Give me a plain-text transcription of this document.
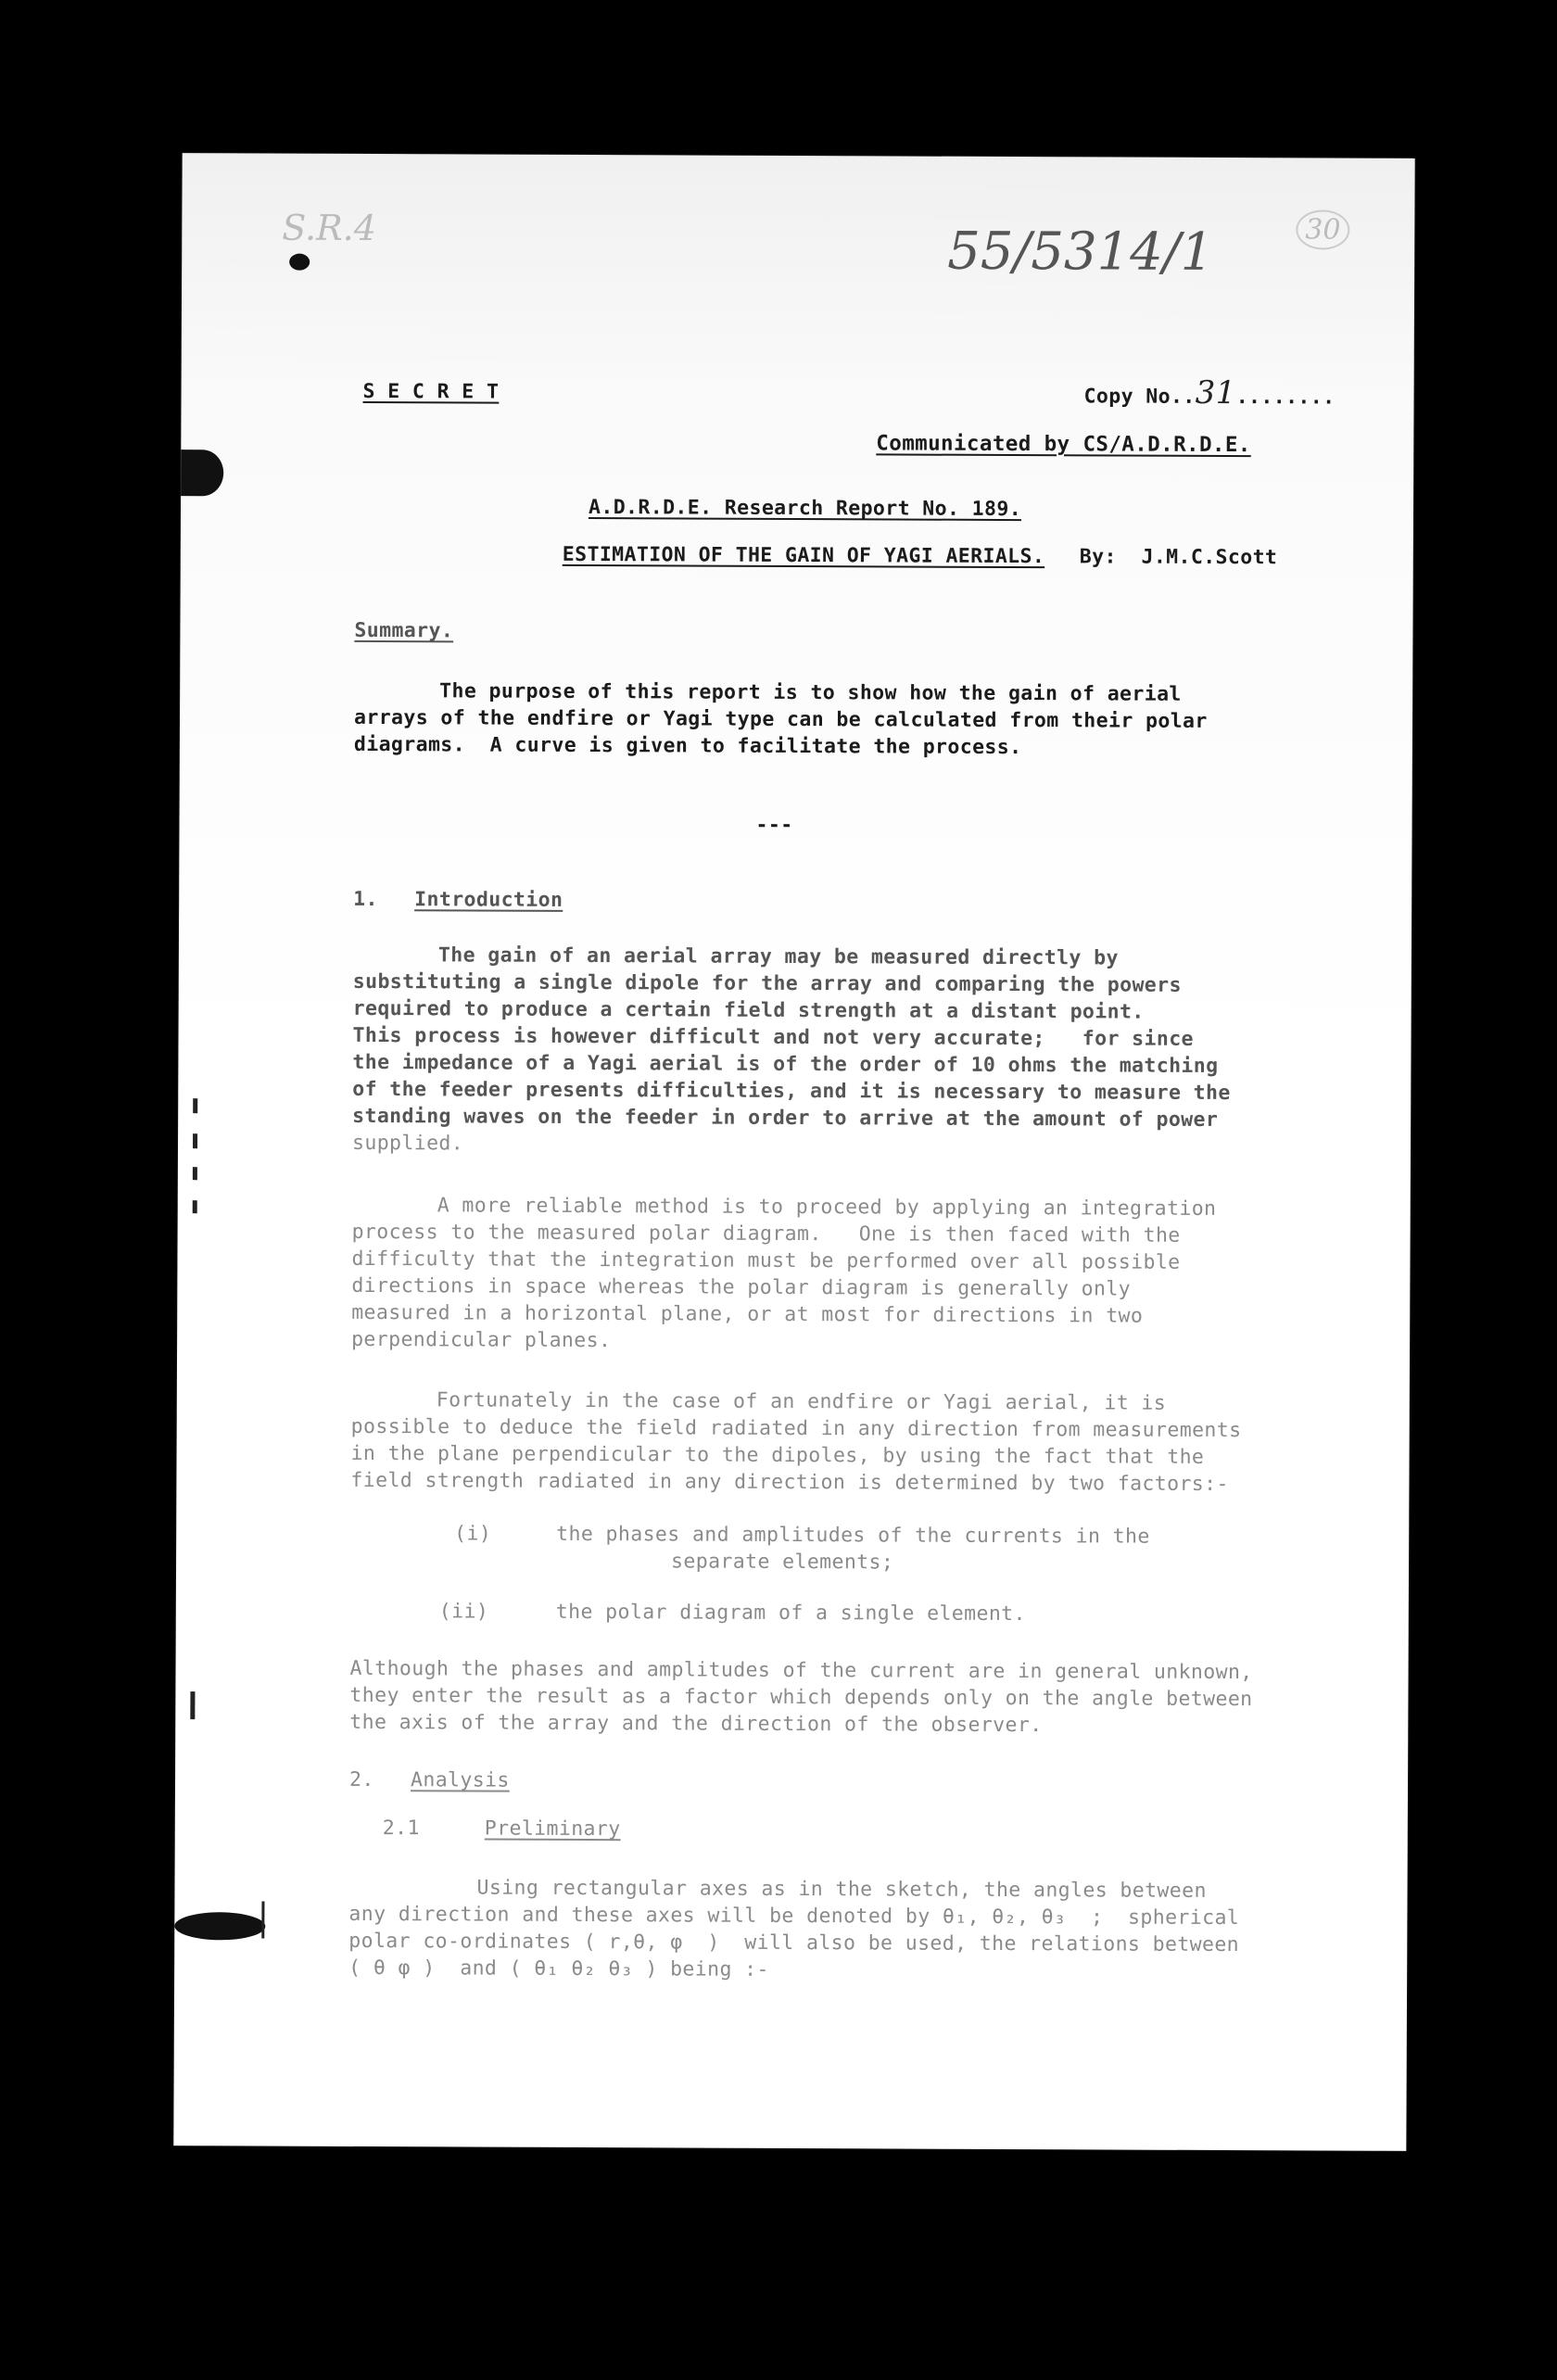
S.R.4	55/5314/1	30
S E C R E T	Copy No..31........
Communicated by CS/A.D.R.D.E.
A.D.R.D.E. Research Report No. 189.
ESTIMATION OF THE GAIN OF YAGI AERIALS. By:  J.M.C.Scott
Summary.
The purpose of this report is to show how the gain of aerial
arrays of the endfire or Yagi type can be calculated from their polar
diagrams.  A curve is given to facilitate the process.
---
1. Introduction
The gain of an aerial array may be measured directly by
substituting a single dipole for the array and comparing the powers
required to produce a certain field strength at a distant point.
This process is however difficult and not very accurate;   for since
the impedance of a Yagi aerial is of the order of 10 ohms the matching
of the feeder presents difficulties, and it is necessary to measure the
standing waves on the feeder in order to arrive at the amount of power
supplied.
A more reliable method is to proceed by applying an integration
process to the measured polar diagram.   One is then faced with the
difficulty that the integration must be performed over all possible
directions in space whereas the polar diagram is generally only
measured in a horizontal plane, or at most for directions in two
perpendicular planes.
Fortunately in the case of an endfire or Yagi aerial, it is
possible to deduce the field radiated in any direction from measurements
in the plane perpendicular to the dipoles, by using the fact that the
field strength radiated in any direction is determined by two factors:-
(i)	the phases and amplitudes of the currents in the
separate elements;
(ii)	the polar diagram of a single element.
Although the phases and amplitudes of the current are in general unknown,
they enter the result as a factor which depends only on the angle between
the axis of the array and the direction of the observer.
2. Analysis
2.1	Preliminary
Using rectangular axes as in the sketch, the angles between
any direction and these axes will be denoted by θ₁, θ₂, θ₃  ;  spherical
polar co-ordinates ( r,θ, φ  )  will also be used, the relations between
( θ φ )  and ( θ₁ θ₂ θ₃ ) being :-
